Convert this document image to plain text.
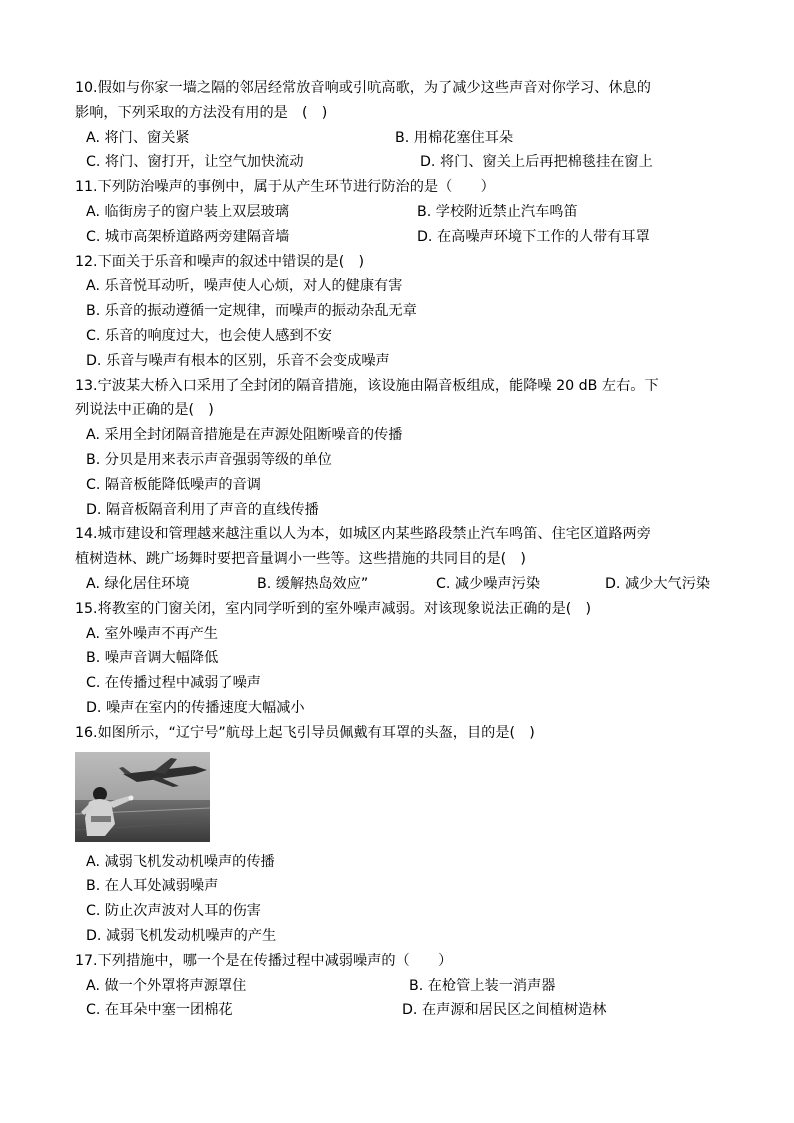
10.假如与你家一墙之隔的邻居经常放音响或引吭高歌，为了减少这些声音对你学习、休息的
影响，下列采取的方法没有用的是　(　)
A. 将门、窗关紧	B. 用棉花塞住耳朵
C. 将门、窗打开，让空气加快流动	D. 将门、窗关上后再把棉毯挂在窗上
11.下列防治噪声的事例中，属于从产生环节进行防治的是（　　）
A. 临街房子的窗户装上双层玻璃	B. 学校附近禁止汽车鸣笛
C. 城市高架桥道路两旁建隔音墙	D. 在高噪声环境下工作的人带有耳罩
12.下面关于乐音和噪声的叙述中错误的是(　)
A. 乐音悦耳动听，噪声使人心烦，对人的健康有害
B. 乐音的振动遵循一定规律，而噪声的振动杂乱无章
C. 乐音的响度过大，也会使人感到不安
D. 乐音与噪声有根本的区别，乐音不会变成噪声
13.宁波某大桥入口采用了全封闭的隔音措施，该设施由隔音板组成，能降噪 20 dB 左右。下
列说法中正确的是(　)
A. 采用全封闭隔音措施是在声源处阻断噪音的传播
B. 分贝是用来表示声音强弱等级的单位
C. 隔音板能降低噪声的音调
D. 隔音板隔音利用了声音的直线传播
14.城市建设和管理越来越注重以人为本，如城区内某些路段禁止汽车鸣笛、住宅区道路两旁
植树造林、跳广场舞时要把音量调小一些等。这些措施的共同目的是(　)
A. 绿化居住环境	B. 缓解热岛效应”	C. 减少噪声污染	D. 减少大气污染
15.将教室的门窗关闭，室内同学听到的室外噪声减弱。对该现象说法正确的是(　)
A. 室外噪声不再产生
B. 噪声音调大幅降低
C. 在传播过程中减弱了噪声
D. 噪声在室内的传播速度大幅减小
16.如图所示，“辽宁号”航母上起飞引导员佩戴有耳罩的头盔，目的是(　)
A. 减弱飞机发动机噪声的传播
B. 在人耳处减弱噪声
C. 防止次声波对人耳的伤害
D. 减弱飞机发动机噪声的产生
17.下列措施中，哪一个是在传播过程中减弱噪声的（　　）
A. 做一个外罩将声源罩住	B. 在枪管上装一消声器
C. 在耳朵中塞一团棉花	D. 在声源和居民区之间植树造林
